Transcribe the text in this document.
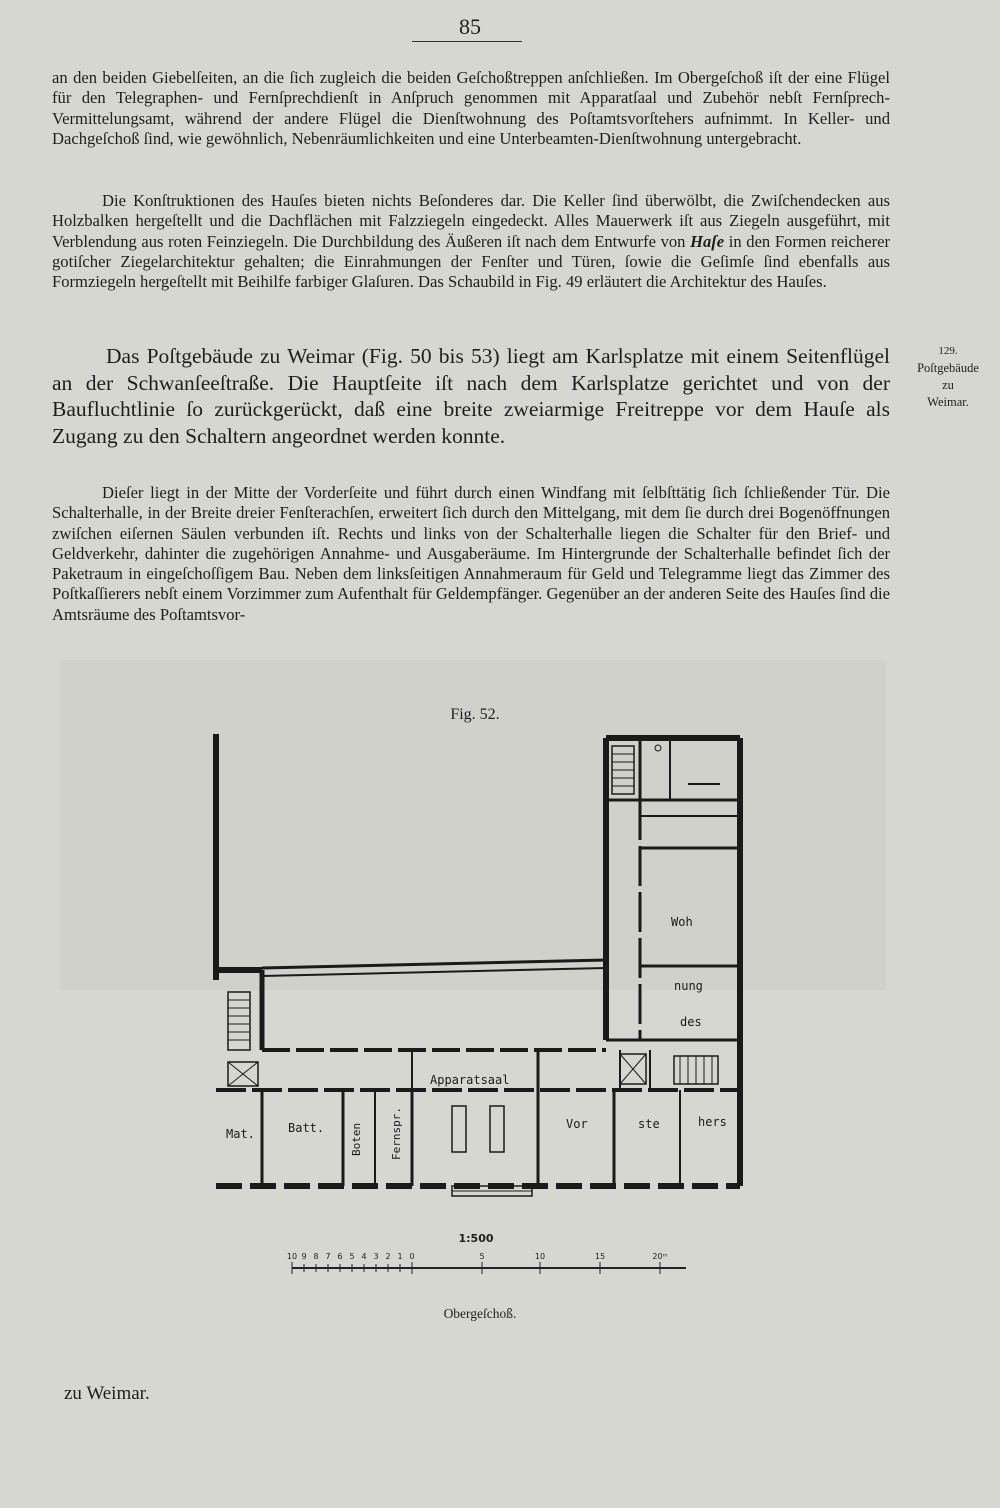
85

an den beiden Giebelſeiten, an die ſich zugleich die beiden Geſchoßtreppen anſchließen. Im Obergeſchoß iſt der eine Flügel für den Telegraphen- und Fernſprechdienſt in Anſpruch genommen mit Apparatſaal und Zubehör nebſt Fernſprech-Vermittelungsamt, während der andere Flügel die Dienſtwohnung des Poſtamtsvorſtehers aufnimmt. In Keller- und Dachgeſchoß ſind, wie gewöhnlich, Nebenräumlichkeiten und eine Unterbeamten-Dienſtwohnung untergebracht.

Die Konſtruktionen des Hauſes bieten nichts Beſonderes dar. Die Keller ſind überwölbt, die Zwiſchendecken aus Holzbalken hergeſtellt und die Dachflächen mit Falzziegeln eingedeckt. Alles Mauerwerk iſt aus Ziegeln ausgeführt, mit Verblendung aus roten Feinziegeln. Die Durchbildung des Äußeren iſt nach dem Entwurfe von Haſe in den Formen reicherer gotiſcher Ziegelarchitektur gehalten; die Einrahmungen der Fenſter und Türen, ſowie die Geſimſe ſind ebenfalls aus Formziegeln hergeſtellt mit Beihilfe farbiger Glaſuren. Das Schaubild in Fig. 49 erläutert die Architektur des Hauſes.

Das Poſtgebäude zu Weimar (Fig. 50 bis 53) liegt am Karlsplatze mit einem Seitenflügel an der Schwanſeeſtraße. Die Hauptſeite iſt nach dem Karlsplatze gerichtet und von der Baufluchtlinie ſo zurückgerückt, daß eine breite zweiarmige Freitreppe vor dem Hauſe als Zugang zu den Schaltern angeordnet werden konnte.

129.
Poſtgebäude
zu
Weimar.

Dieſer liegt in der Mitte der Vorderſeite und führt durch einen Windfang mit ſelbſttätig ſich ſchließender Tür. Die Schalterhalle, in der Breite dreier Fenſterachſen, erweitert ſich durch den Mittelgang, mit dem ſie durch drei Bogenöffnungen zwiſchen eiſernen Säulen verbunden iſt. Rechts und links von der Schalterhalle liegen die Schalter für den Brief- und Geldverkehr, dahinter die zugehörigen Annahme- und Ausgaberäume. Im Hintergrunde der Schalterhalle befindet ſich der Paketraum in eingeſchoſſigem Bau. Neben dem linksſeitigen Annahmeraum für Geld und Telegramme liegt das Zimmer des Poſtkaſſierers nebſt einem Vorzimmer zum Aufenthalt für Geldempfänger. Gegenüber an der anderen Seite des Hauſes ſind die Amtsräume des Poſtamtsvor-

Fig. 52.
Woh
nung
des
Apparatsaal
Mat.	Batt. Boten Fernspr.	Vor	ste	hers
1:500
10 9 8 7 6 5 4 3 2 1 0	5	10	15	20ᵐ
Obergeſchoß.
zu Weimar.
